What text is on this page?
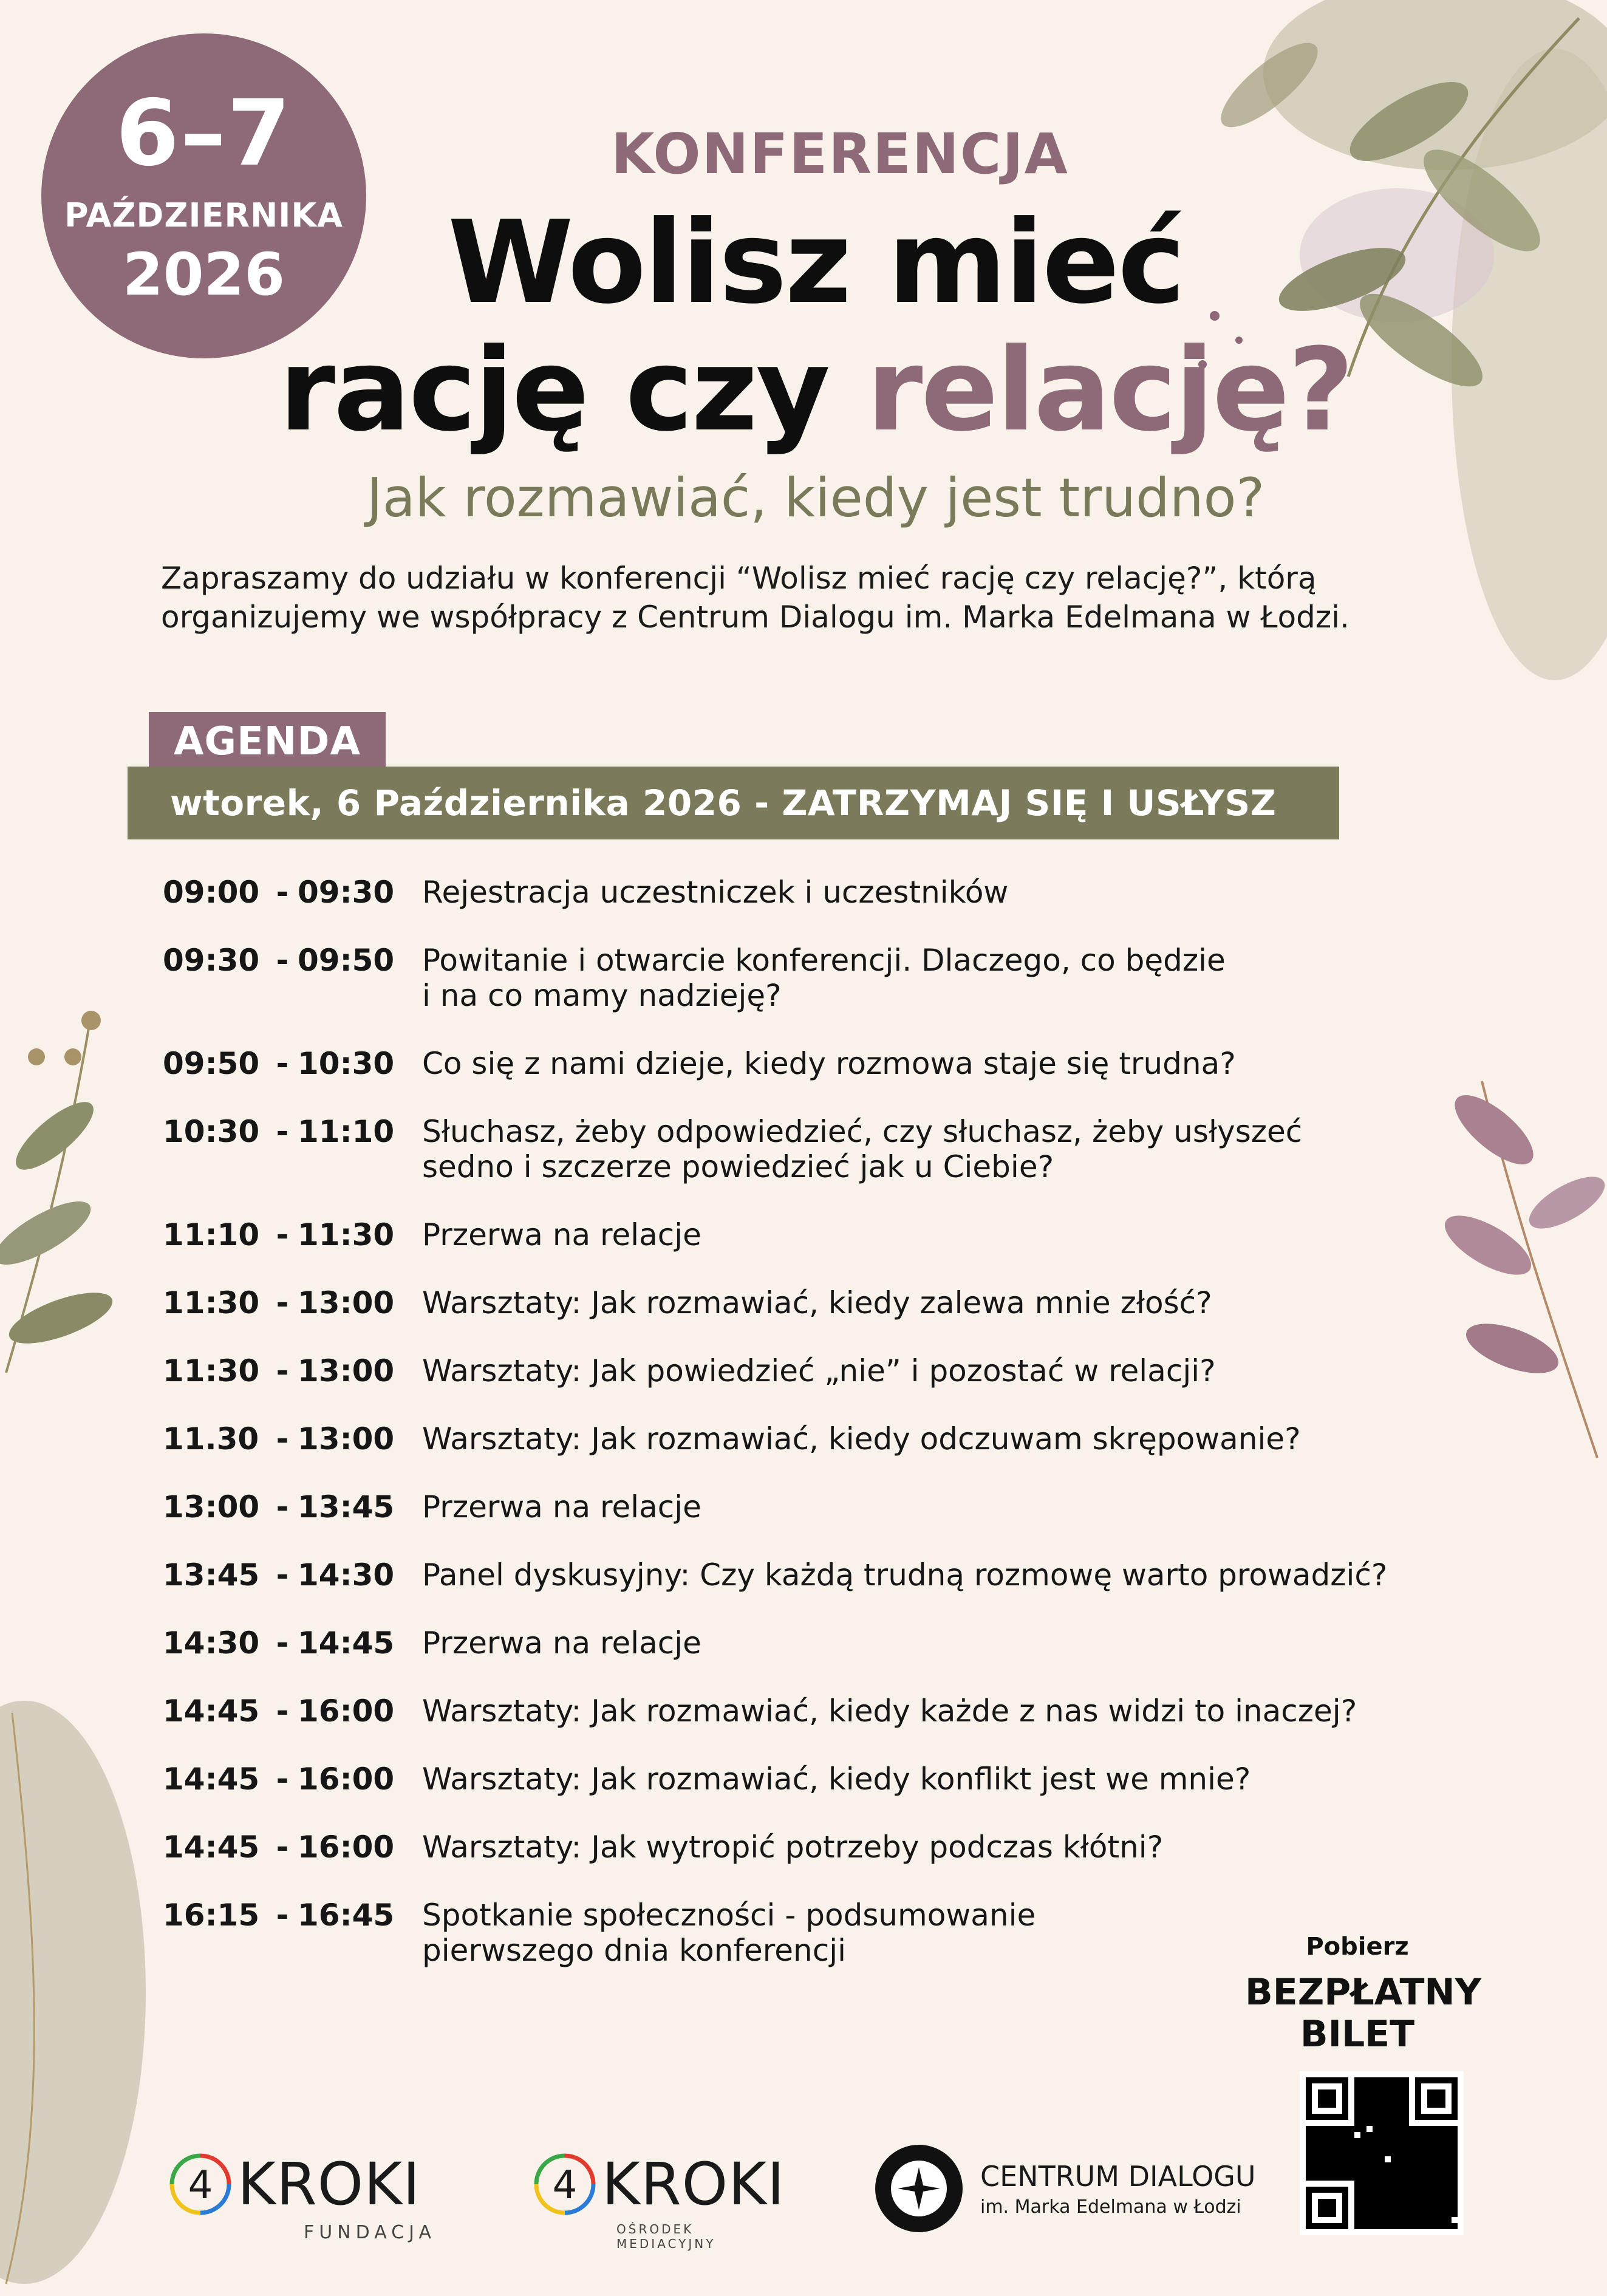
6–7
PAŹDZIERNIKA
2026
KONFERENCJA
Wolisz mieć
rację czy relację?
Jak rozmawiać, kiedy jest trudno?
Zapraszamy do udziału w konferencji “Wolisz mieć rację czy relację?”, którą organizujemy we współpracy z Centrum Dialogu im. Marka Edelmana w Łodzi.
AGENDA
wtorek, 6 Października 2026 - ZATRZYMAJ SIĘ I USŁYSZ
09:00 - 09:30 Rejestracja uczestniczek i uczestników
09:30 - 09:50 Powitanie i otwarcie konferencji. Dlaczego, co będzie
i na co mamy nadzieję?
09:50 - 10:30 Co się z nami dzieje, kiedy rozmowa staje się trudna?
10:30 - 11:10 Słuchasz, żeby odpowiedzieć, czy słuchasz, żeby usłyszeć
sedno i szczerze powiedzieć jak u Ciebie?
11:10 - 11:30 Przerwa na relacje
11:30 - 13:00 Warsztaty: Jak rozmawiać, kiedy zalewa mnie złość?
11:30 - 13:00 Warsztaty: Jak powiedzieć „nie” i pozostać w relacji?
11.30 - 13:00 Warsztaty: Jak rozmawiać, kiedy odczuwam skrępowanie?
13:00 - 13:45 Przerwa na relacje
13:45 - 14:30 Panel dyskusyjny: Czy każdą trudną rozmowę warto prowadzić?
14:30 - 14:45 Przerwa na relacje
14:45 - 16:00 Warsztaty: Jak rozmawiać, kiedy każde z nas widzi to inaczej?
14:45 - 16:00 Warsztaty: Jak rozmawiać, kiedy konflikt jest we mnie?
14:45 - 16:00 Warsztaty: Jak wytropić potrzeby podczas kłótni?
16:15 - 16:45 Spotkanie społeczności - podsumowanie
pierwszego dnia konferencji	Pobierz
BEZPŁATNY
BILET
4 KROKI
FUNDACJA
4 KROKI
OŚRODEK MEDIACYJNY
CENTRUM DIALOGU
im. Marka Edelmana w Łodzi
